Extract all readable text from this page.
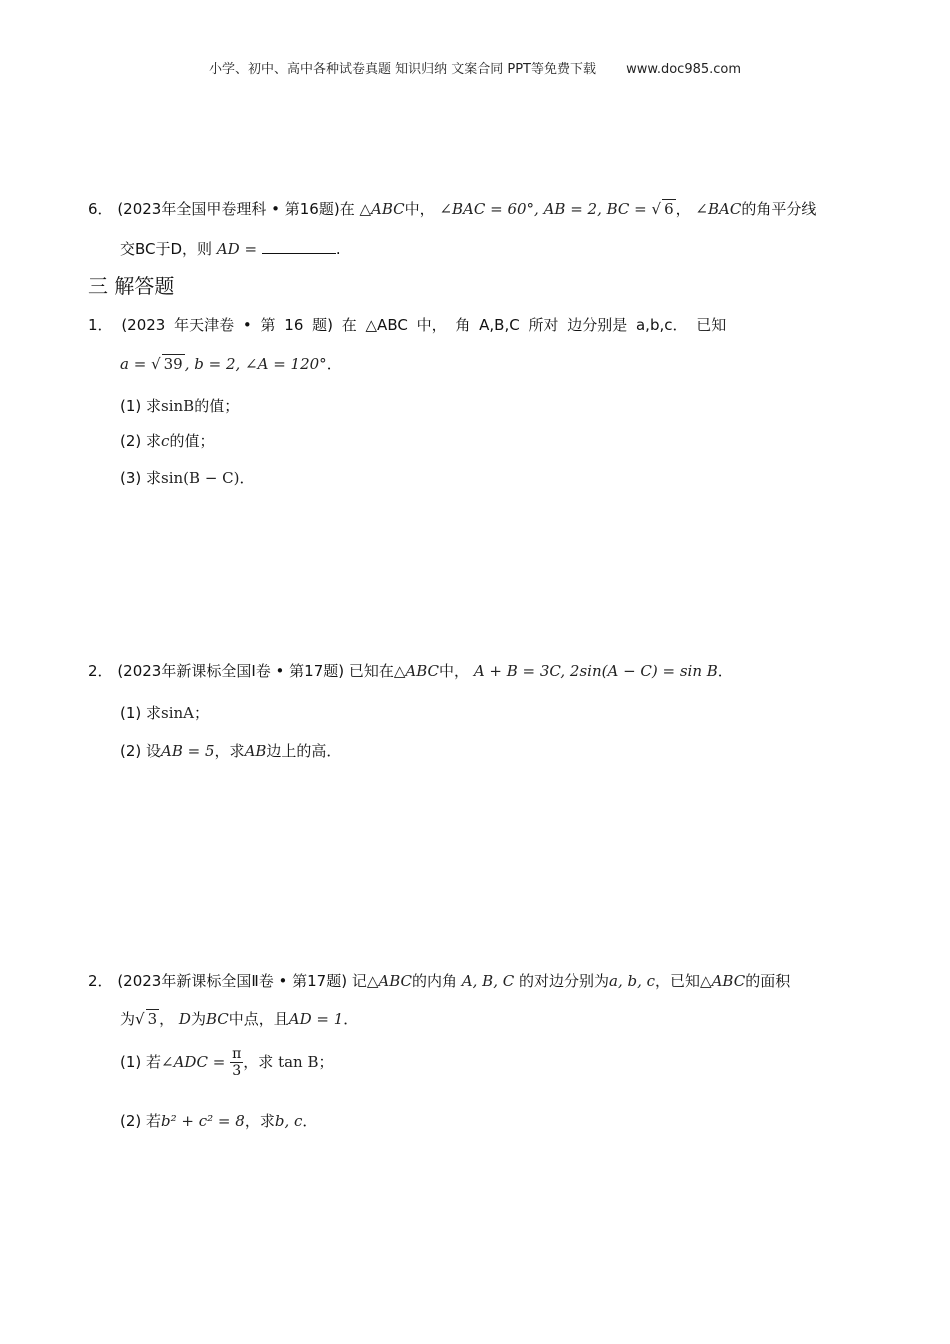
小学、初中、高中各种试卷真题 知识归纳 文案合同 PPT等免费下载 www.doc985.com
6． (2023年全国甲卷理科 • 第16题)在 △ABC中， ∠BAC = 60°, AB = 2, BC = √ 6 ， ∠BAC的角平分线
交BC于D，则 AD =	.
三 解答题
1． (2023 年天津卷 • 第 16 题) 在 △ABC 中， 角 A,B,C 所对 边分别是 a,b,c． 已知
a = √ 39 , b = 2, ∠A = 120°．
(1) 求sinB的值；
(2) 求c的值；
(3) 求sin(B − C)．
2． (2023年新课标全国Ⅰ卷 • 第17题) 已知在△ABC中， A + B = 3C, 2sin(A − C) = sin B．
(1) 求sinA；
(2) 设AB = 5，求AB边上的高．
2． (2023年新课标全国Ⅱ卷 • 第17题) 记△ABC的内角 A, B, C 的对边分别为a, b, c，已知△ABC的面积
为√ 3 ， D为BC中点，且AD = 1．
(1) 若∠ADC = $\frac{\pi}{3}$ ，求 tan B；
(2) 若b² + c² = 8，求b, c．
